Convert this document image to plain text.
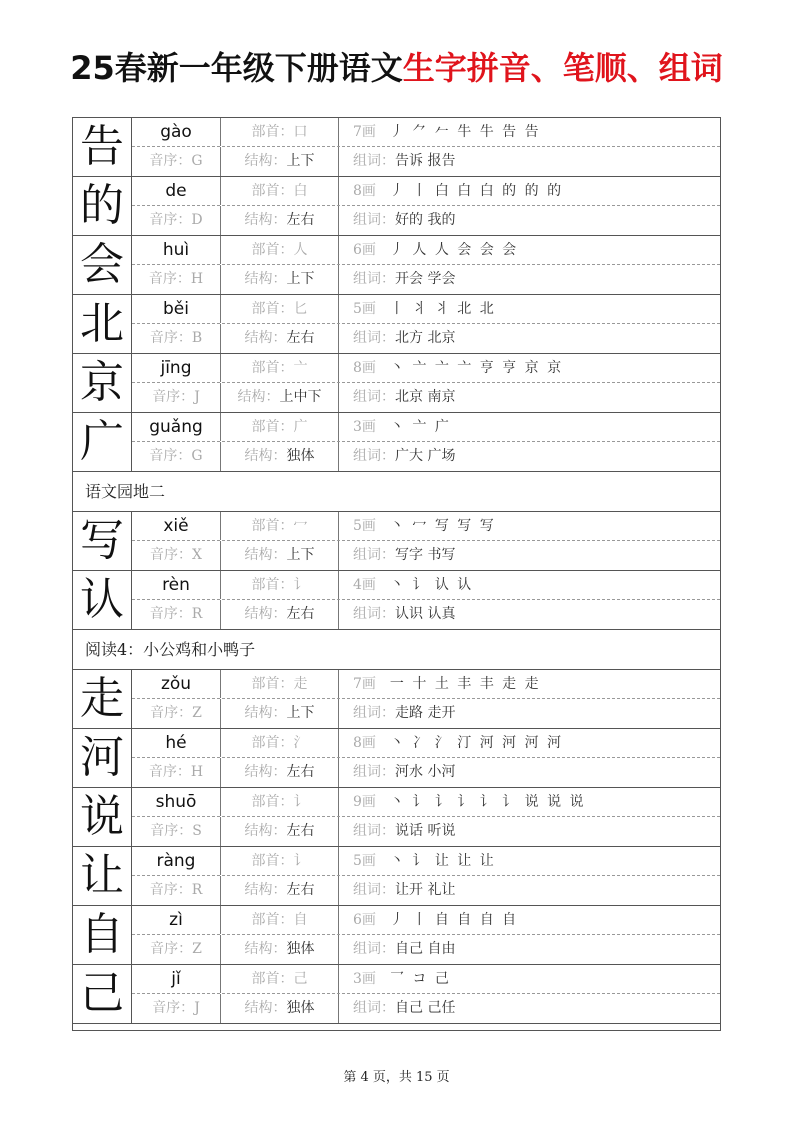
25春新一年级下册语文生字拼音、笔顺、组词
告	gào	部首：口	7画 丿 ⺈ 𠂉 牛 牛 告 告
音序：G	结构：上下	组词：告诉 报告
的	de	部首：白	8画 丿 丨 白 白 白 的 的 的
音序：D	结构：左右	组词：好的 我的
会	huì	部首：人	6画 丿 人 人 会 会 会
音序：H	结构：上下	组词：开会 学会
北	běi	部首：匕	5画 丨 丬 丬 北 北
音序：B	结构：左右	组词：北方 北京
京	jīng	部首：亠	8画 丶 亠 亠 亠 亨 亨 京 京
音序：J	结构：上中下	组词：北京 南京
广	guǎng	部首：广	3画 丶 亠 广
音序：G	结构：独体	组词：广大 广场
语文园地二
写	xiě	部首：冖	5画 丶 冖 写 写 写
音序：X	结构：上下	组词：写字 书写
认	rèn	部首：讠	4画 丶 讠 认 认
音序：R	结构：左右	组词：认识 认真
阅读4：小公鸡和小鸭子
走	zǒu	部首：走	7画 一 十 土 丰 丰 走 走
音序：Z	结构：上下	组词：走路 走开
河	hé	部首：氵	8画 丶 冫 氵 汀 河 河 河 河
音序：H	结构：左右	组词：河水 小河
说	shuō	部首：讠	9画 丶 讠 讠 讠 讠 讠 说 说 说
音序：S	结构：左右	组词：说话 听说
让	ràng	部首：讠	5画 丶 讠 让 让 让
音序：R	结构：左右	组词：让开 礼让
自	zì	部首：自	6画 丿 丨 自 自 自 自
音序：Z	结构：独体	组词：自己 自由
己	jǐ	部首：己	3画 乛 コ 己
音序：J	结构：独体	组词：自己 己任
第 4 页，共 15 页
